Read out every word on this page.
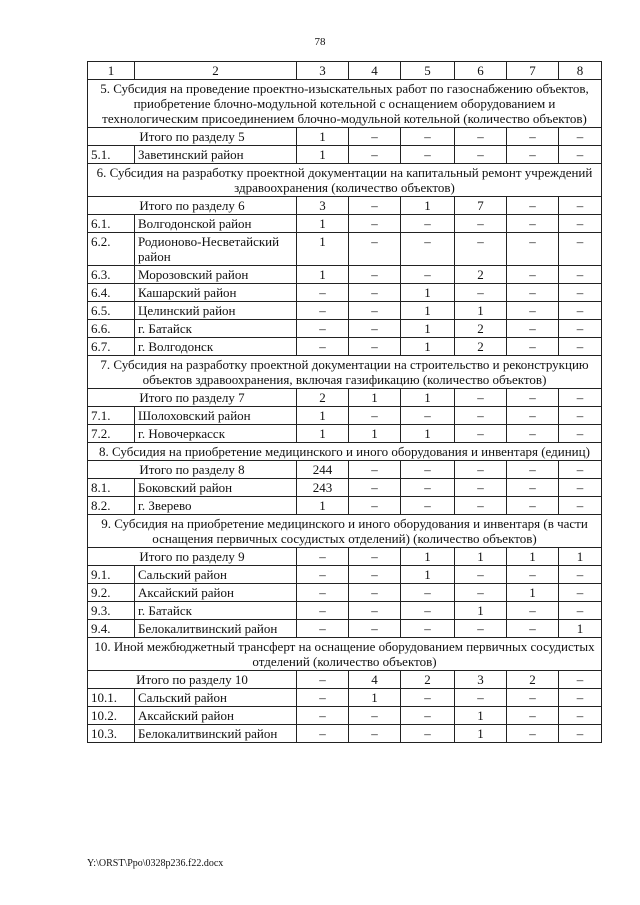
78
1	2	3	4	5	6	7	8
5. Субсидия на проведение проектно-изыскательных работ по газоснабжению объектов, приобретение блочно-модульной котельной с оснащением оборудованием и технологическим присоединением блочно-модульной котельной (количество объектов)							
Итого по разделу 5		1	–	–	–	–	–
5.1.	Заветинский район	1	–	–	–	–	–
6. Субсидия на разработку проектной документации на капитальный ремонт учреждений здравоохранения (количество объектов)							
Итого по разделу 6		3	–	1	7	–	–
6.1.	Волгодонской район	1	–	–	–	–	–
6.2.	Родионово-Несветайский район	1	–	–	–	–	–
6.3.	Морозовский район	1	–	–	2	–	–
6.4.	Кашарский район	–	–	1	–	–	–
6.5.	Целинский район	–	–	1	1	–	–
6.6.	г. Батайск	–	–	1	2	–	–
6.7.	г. Волгодонск	–	–	1	2	–	–
7. Субсидия на разработку проектной документации на строительство и реконструкцию объектов здравоохранения, включая газификацию (количество объектов)							
Итого по разделу 7		2	1	1	–	–	–
7.1.	Шолоховский район	1	–	–	–	–	–
7.2.	г. Новочеркасск	1	1	1	–	–	–
8. Субсидия на приобретение медицинского и иного оборудования и инвентаря (единиц)							
Итого по разделу 8		244	–	–	–	–	–
8.1.	Боковский район	243	–	–	–	–	–
8.2.	г. Зверево	1	–	–	–	–	–
9. Субсидия на приобретение медицинского и иного оборудования и инвентаря (в части оснащения первичных сосудистых отделений) (количество объектов)							
Итого по разделу 9		–	–	1	1	1	1
9.1.	Сальский район	–	–	1	–	–	–
9.2.	Аксайский район	–	–	–	–	1	–
9.3.	г. Батайск	–	–	–	1	–	–
9.4.	Белокалитвинский район	–	–	–	–	–	1
10. Иной межбюджетный трансферт на оснащение оборудованием первичных сосудистых отделений (количество объектов)							
Итого по разделу 10		–	4	2	3	2	–
10.1.	Сальский район	–	1	–	–	–	–
10.2.	Аксайский район	–	–	–	1	–	–
10.3.	Белокалитвинский район	–	–	–	1	–	–
Y:\ORST\Ppo\0328p236.f22.docx
